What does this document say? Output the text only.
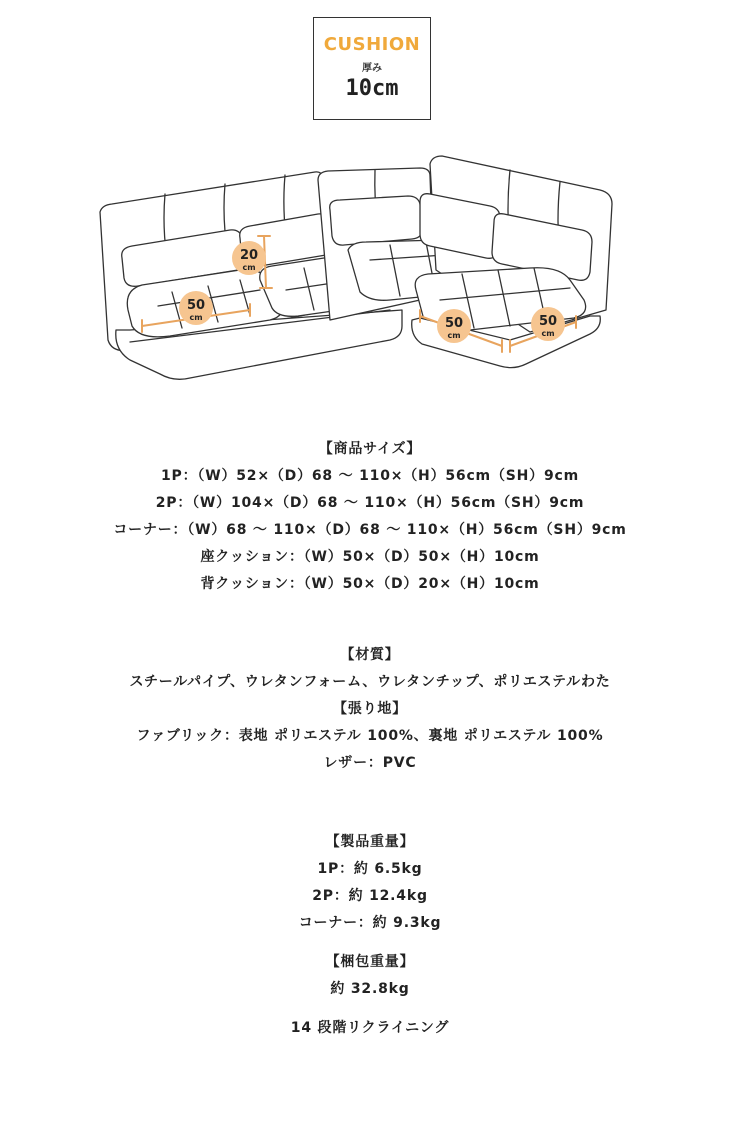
CUSHION
厚み
10cm
20
cm
50
cm	50
cm
50
cm
【商品サイズ】
1P：（W）52×（D）68 ～ 110×（H）56cm（SH）9cm
2P：（W）104×（D）68 ～ 110×（H）56cm（SH）9cm
コーナー：（W）68 ～ 110×（D）68 ～ 110×（H）56cm（SH）9cm
座クッション：（W）50×（D）50×（H）10cm
背クッション：（W）50×（D）20×（H）10cm
【材質】
スチールパイプ、ウレタンフォーム、ウレタンチップ、ポリエステルわた
【張り地】
ファブリック：表地 ポリエステル 100%、裏地 ポリエステル 100%
レザー：PVC
【製品重量】
1P：約 6.5kg
2P：約 12.4kg
コーナー：約 9.3kg
【梱包重量】
約 32.8kg
14 段階リクライニング
